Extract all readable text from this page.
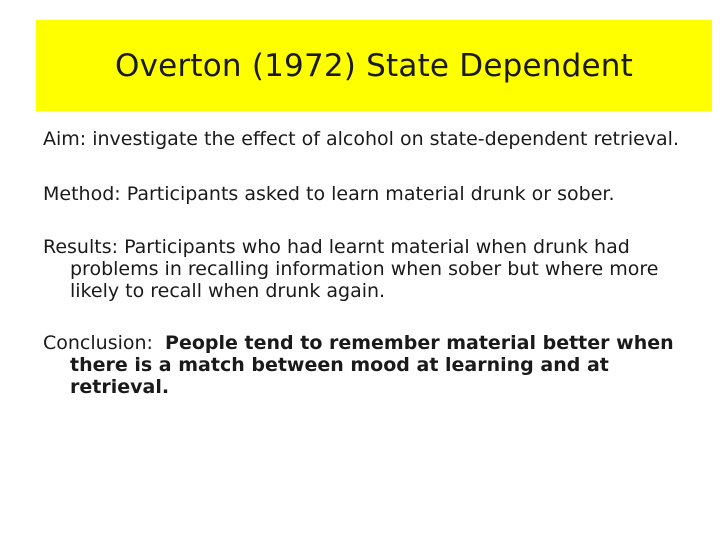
Overton (1972) State Dependent

Aim: investigate the effect of alcohol on state-dependent retrieval.

Method: Participants asked to learn material drunk or sober.

Results: Participants who had learnt material when drunk had problems in recalling information when sober but where more likely to recall when drunk again.

Conclusion: People tend to remember material better when there is a match between mood at learning and at retrieval.
